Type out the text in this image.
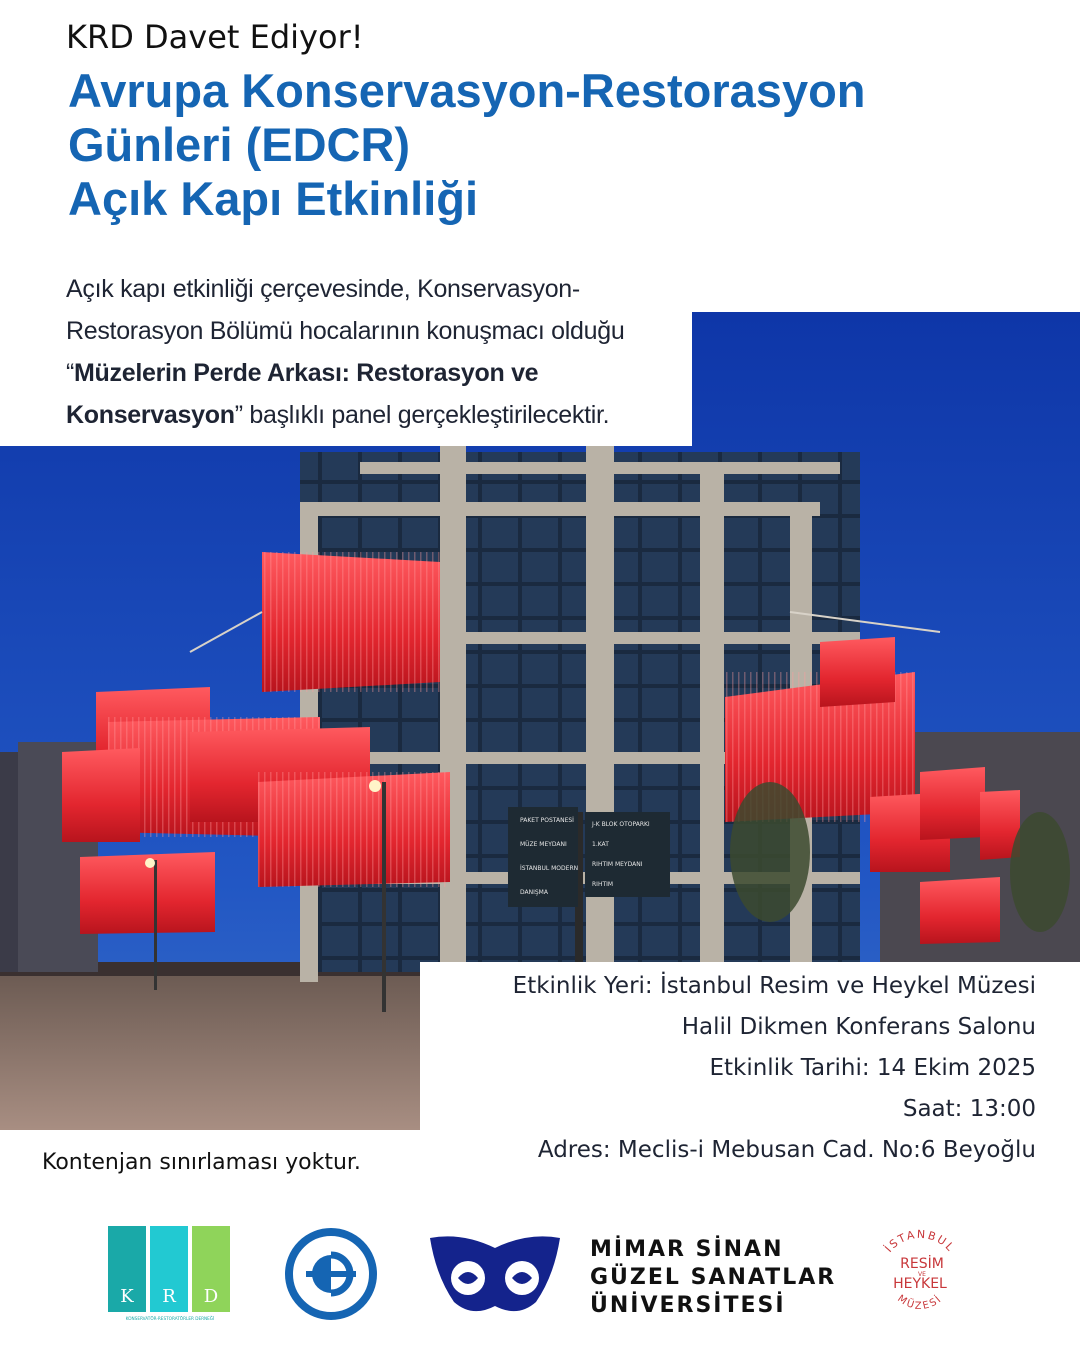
KRD Davet Ediyor!
Avrupa Konservasyon-Restorasyon
Günleri (EDCR)
Açık Kapı Etkinliği
PAKET POSTANESİ
MÜZE MEYDANI
İSTANBUL MODERN
DANIŞMA
J-K BLOK OTOPARKI
1.KAT
RIHTIM MEYDANI
RIHTIM
Açık kapı etkinliği çerçevesinde, Konservasyon-
Restorasyon Bölümü hocalarının konuşmacı olduğu
“Müzelerin Perde Arkası: Restorasyon ve
Konservasyon” başlıklı panel gerçekleştirilecektir.
Etkinlik Yeri: İstanbul Resim ve Heykel Müzesi
Halil Dikmen Konferans Salonu
Etkinlik Tarihi: 14 Ekim 2025
Saat: 13:00
Adres: Meclis-i Mebusan Cad. No:6 Beyoğlu
Kontenjan sınırlaması yoktur.
K R D
KONSERVATÖR-RESTORATÖRLER DERNEĞİ
MİMAR SİNAN
GÜZEL SANATLAR
ÜNİVERSİTESİ
İSTANBUL
MÜZESİ
RESİM
VE
HEYKEL
